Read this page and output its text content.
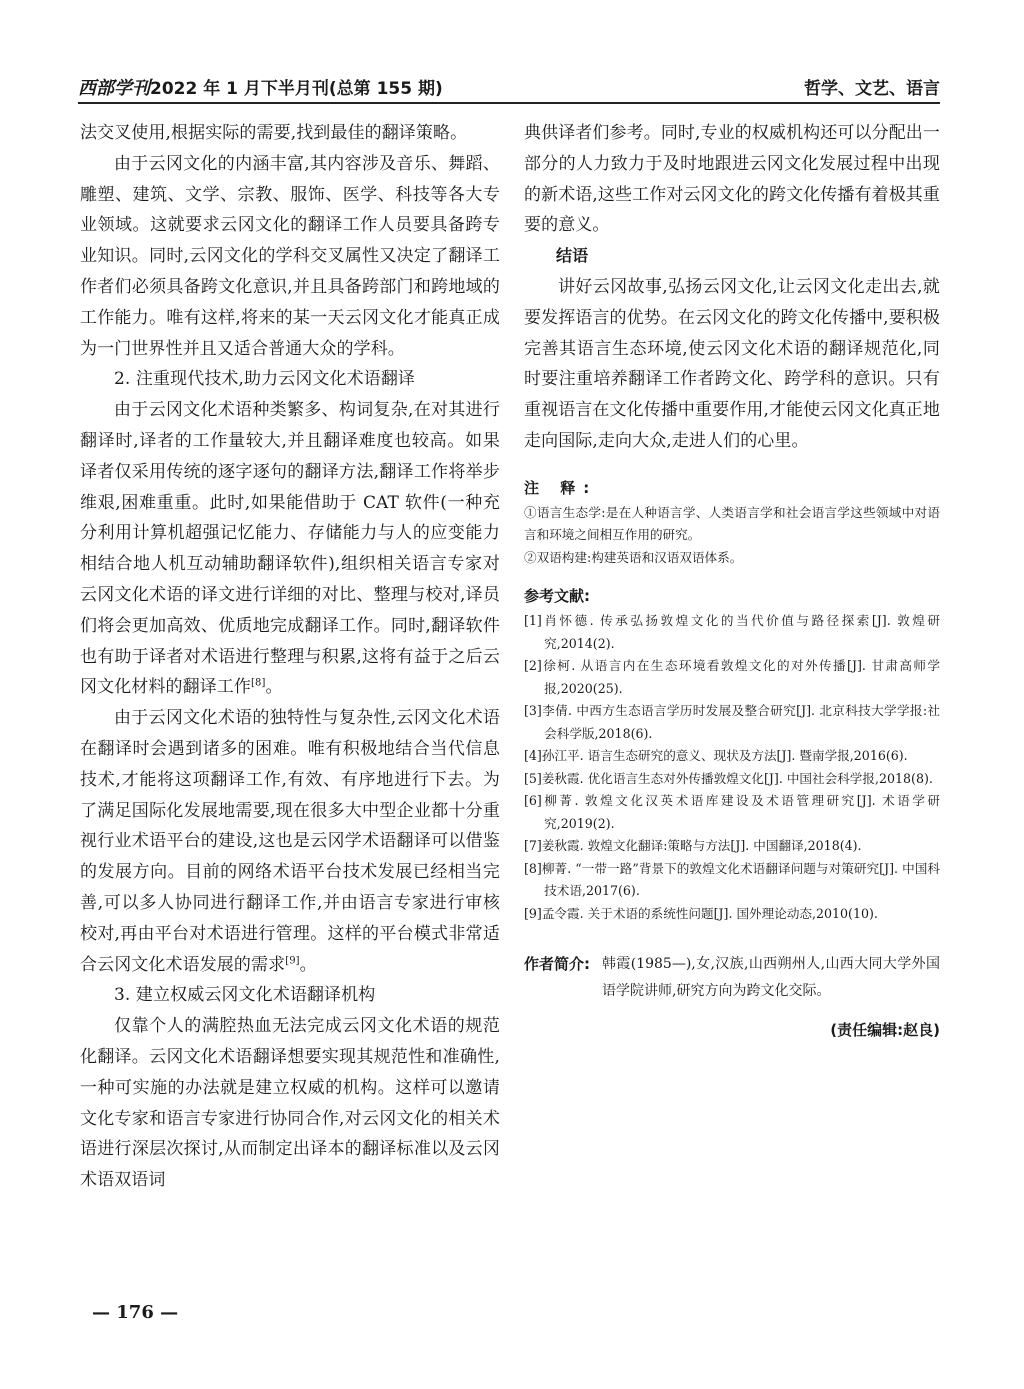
西部学刊2022 年 1 月下半月刊(总第 155 期)	哲学、文艺、语言

法交叉使用,根据实际的需要,找到最佳的翻译策略。

由于云冈文化的内涵丰富,其内容涉及音乐、舞蹈、雕塑、建筑、文学、宗教、服饰、医学、科技等各大专业领域。这就要求云冈文化的翻译工作人员要具备跨专业知识。同时,云冈文化的学科交叉属性又决定了翻译工作者们必须具备跨文化意识,并且具备跨部门和跨地域的工作能力。唯有这样,将来的某一天云冈文化才能真正成为一门世界性并且又适合普通大众的学科。

2. 注重现代技术,助力云冈文化术语翻译

由于云冈文化术语种类繁多、构词复杂,在对其进行翻译时,译者的工作量较大,并且翻译难度也较高。如果译者仅采用传统的逐字逐句的翻译方法,翻译工作将举步维艰,困难重重。此时,如果能借助于 CAT 软件(一种充分利用计算机超强记忆能力、存储能力与人的应变能力相结合地人机互动辅助翻译软件),组织相关语言专家对云冈文化术语的译文进行详细的对比、整理与校对,译员们将会更加高效、优质地完成翻译工作。同时,翻译软件也有助于译者对术语进行整理与积累,这将有益于之后云冈文化材料的翻译工作[8]。

由于云冈文化术语的独特性与复杂性,云冈文化术语在翻译时会遇到诸多的困难。唯有积极地结合当代信息技术,才能将这项翻译工作,有效、有序地进行下去。为了满足国际化发展地需要,现在很多大中型企业都十分重视行业术语平台的建设,这也是云冈学术语翻译可以借鉴的发展方向。目前的网络术语平台技术发展已经相当完善,可以多人协同进行翻译工作,并由语言专家进行审核校对,再由平台对术语进行管理。这样的平台模式非常适合云冈文化术语发展的需求[9]。

3. 建立权威云冈文化术语翻译机构

仅靠个人的满腔热血无法完成云冈文化术语的规范化翻译。云冈文化术语翻译想要实现其规范性和准确性,一种可实施的办法就是建立权威的机构。这样可以邀请文化专家和语言专家进行协同合作,对云冈文化的相关术语进行深层次探讨,从而制定出译本的翻译标准以及云冈术语双语词

典供译者们参考。同时,专业的权威机构还可以分配出一部分的人力致力于及时地跟进云冈文化发展过程中出现的新术语,这些工作对云冈文化的跨文化传播有着极其重要的意义。

结语

讲好云冈故事,弘扬云冈文化,让云冈文化走出去,就要发挥语言的优势。在云冈文化的跨文化传播中,要积极完善其语言生态环境,使云冈文化术语的翻译规范化,同时要注重培养翻译工作者跨文化、跨学科的意识。只有重视语言在文化传播中重要作用,才能使云冈文化真正地走向国际,走向大众,走进人们的心里。

注 释:

①语言生态学:是在人种语言学、人类语言学和社会语言学这些领域中对语言和环境之间相互作用的研究。

②双语构建:构建英语和汉语双语体系。

参考文献:

[1]肖怀德. 传承弘扬敦煌文化的当代价值与路径探索[J]. 敦煌研究,2014(2).

[2]徐柯. 从语言内在生态环境看敦煌文化的对外传播[J]. 甘肃高师学报,2020(25).

[3]李倩. 中西方生态语言学历时发展及整合研究[J]. 北京科技大学学报:社会科学版,2018(6).

[4]孙江平. 语言生态研究的意义、现状及方法[J]. 暨南学报,2016(6).

[5]姜秋霞. 优化语言生态对外传播敦煌文化[J]. 中国社会科学报,2018(8).

[6]柳菁. 敦煌文化汉英术语库建设及术语管理研究[J]. 术语学研究,2019(2).

[7]姜秋霞. 敦煌文化翻译:策略与方法[J]. 中国翻译,2018(4).

[8]柳菁. “一带一路”背景下的敦煌文化术语翻译问题与对策研究[J]. 中国科技术语,2017(6).

[9]孟令霞. 关于术语的系统性问题[J]. 国外理论动态,2010(10).

作者简介: 韩霞(1985—),女,汉族,山西朔州人,山西大同大学外国语学院讲师,研究方向为跨文化交际。

(责任编辑:赵良)
— 176 —
